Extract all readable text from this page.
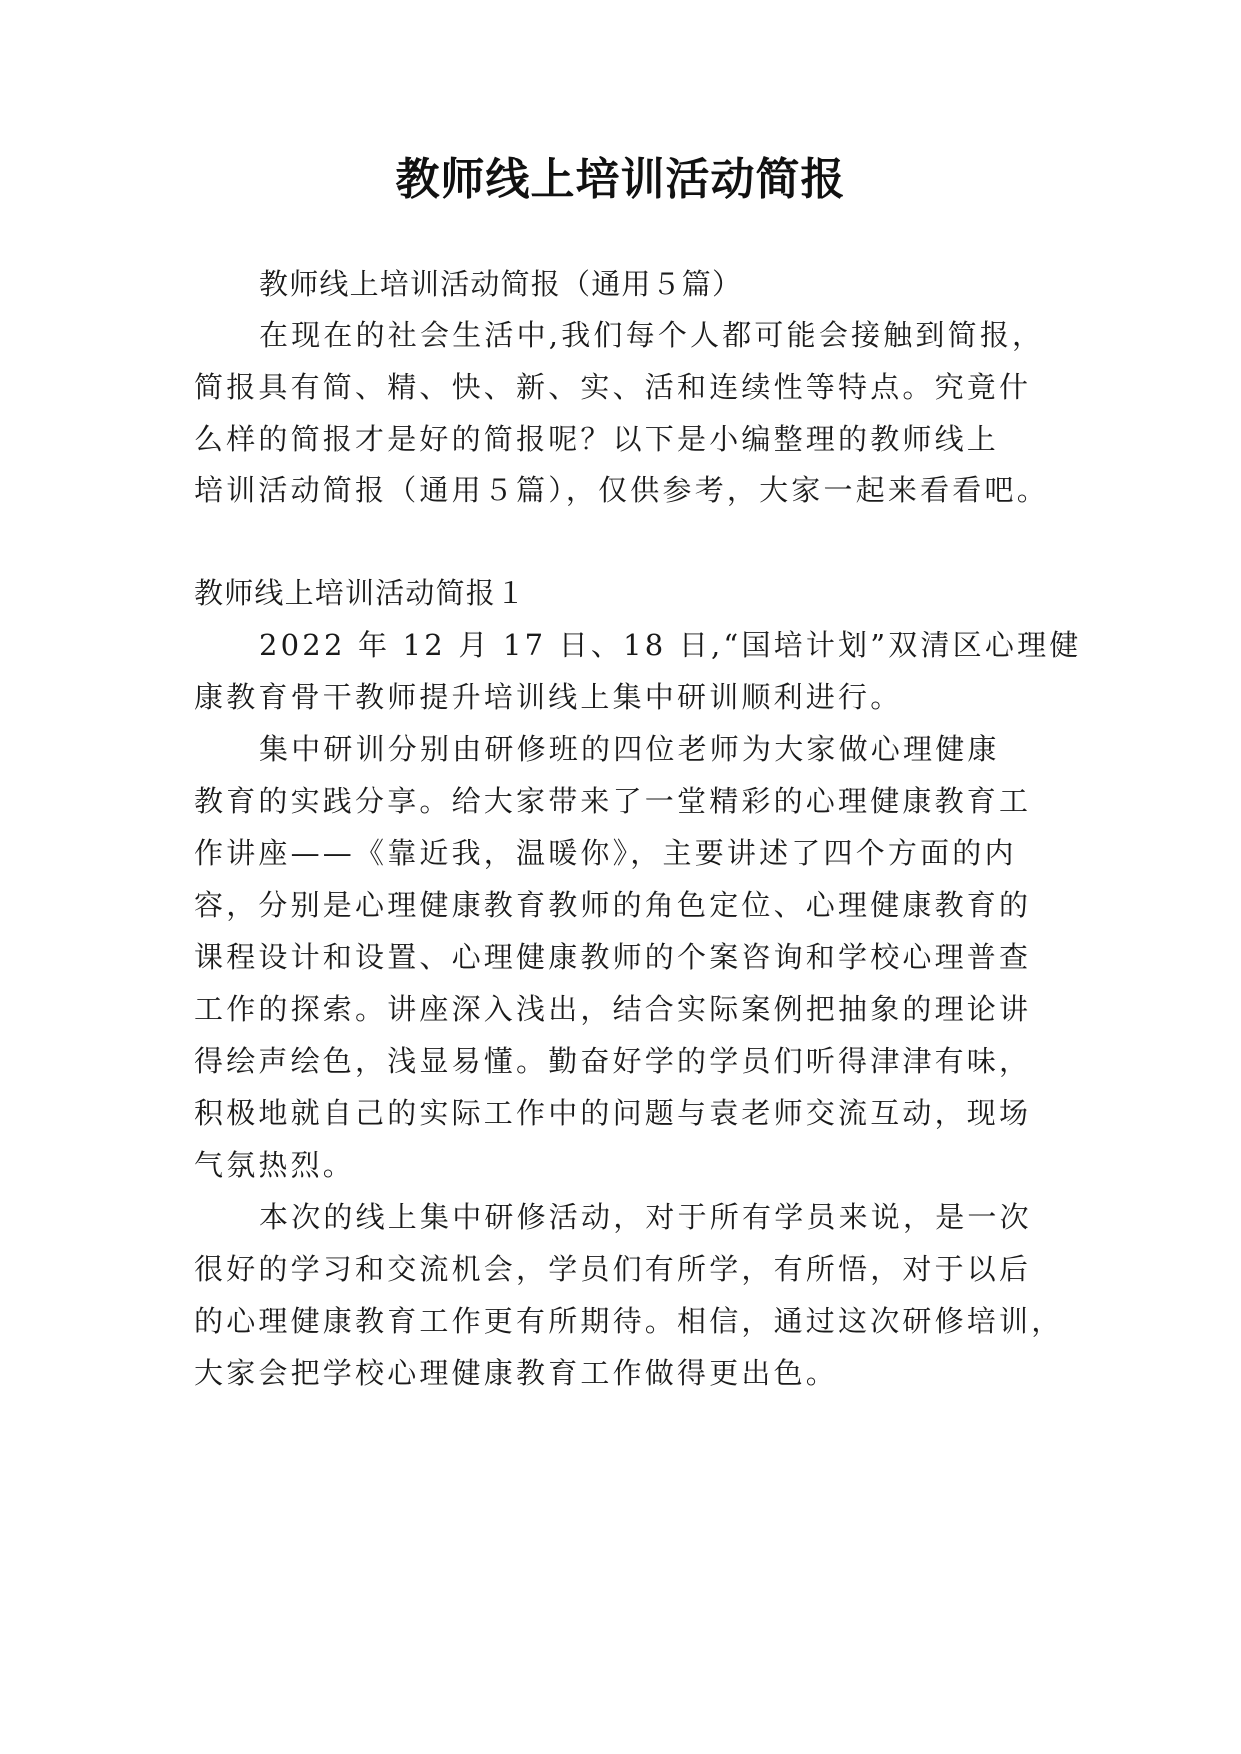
教师线上培训活动简报
教师线上培训活动简报（通用５篇）
在现在的社会生活中,我们每个人都可能会接触到简报，
简报具有简、精、快、新、实、活和连续性等特点。究竟什
么样的简报才是好的简报呢？以下是小编整理的教师线上
培训活动简报（通用５篇），仅供参考，大家一起来看看吧。
教师线上培训活动简报１
2022 年 12 月 17 日、18 日,“国培计划”双清区心理健
康教育骨干教师提升培训线上集中研训顺利进行。
集中研训分别由研修班的四位老师为大家做心理健康
教育的实践分享。给大家带来了一堂精彩的心理健康教育工
作讲座——《靠近我，温暖你》，主要讲述了四个方面的内
容，分别是心理健康教育教师的角色定位、心理健康教育的
课程设计和设置、心理健康教师的个案咨询和学校心理普查
工作的探索。讲座深入浅出，结合实际案例把抽象的理论讲
得绘声绘色，浅显易懂。勤奋好学的学员们听得津津有味，
积极地就自己的实际工作中的问题与袁老师交流互动，现场
气氛热烈。
本次的线上集中研修活动，对于所有学员来说，是一次
很好的学习和交流机会，学员们有所学，有所悟，对于以后
的心理健康教育工作更有所期待。相信，通过这次研修培训，
大家会把学校心理健康教育工作做得更出色。
